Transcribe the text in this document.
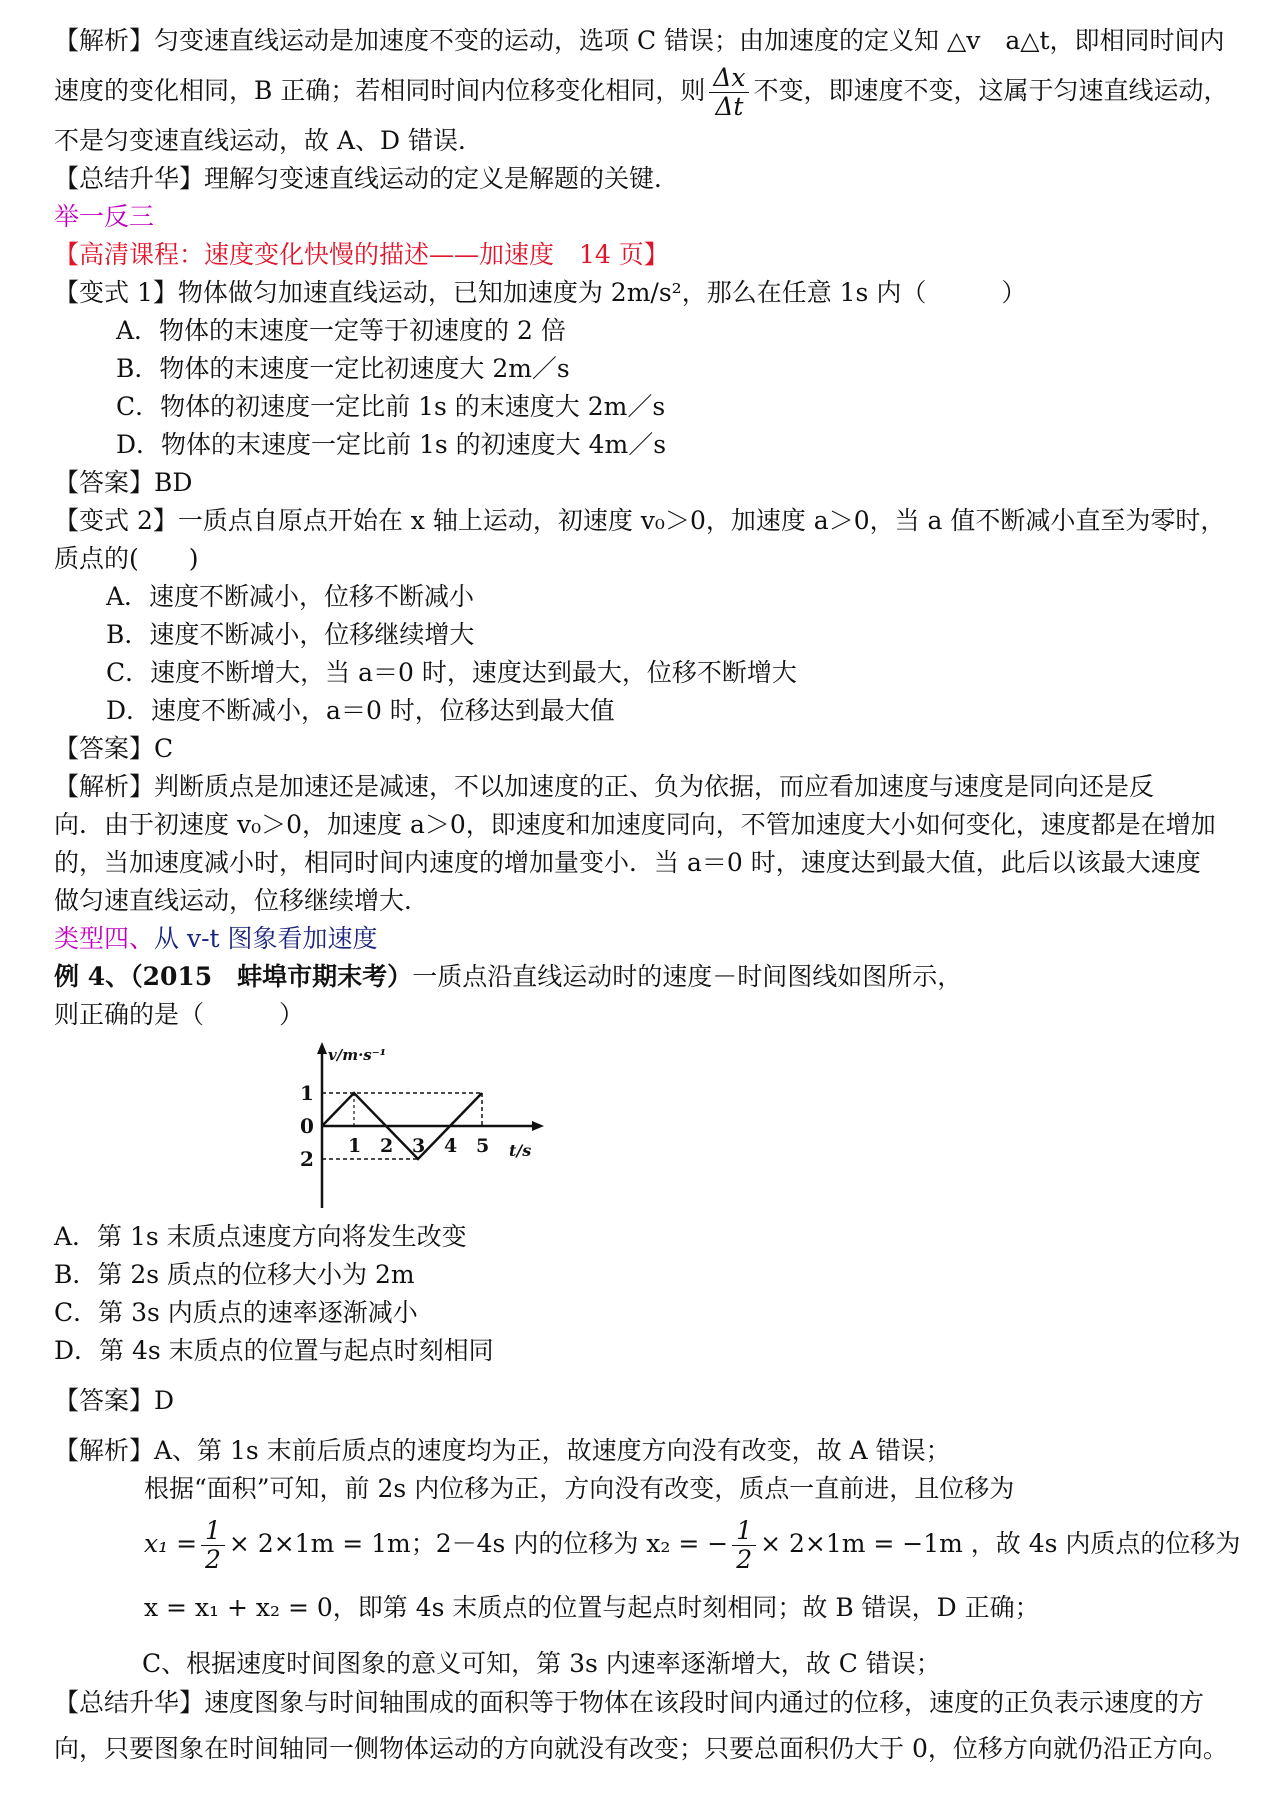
【解析】匀变速直线运动是加速度不变的运动，选项 C 错误；由加速度的定义知 △v　a△t，即相同时间内
速度的变化相同，B 正确；若相同时间内位移变化相同，则 $\frac{\Delta x}{\Delta t}$ 不变，即速度不变，这属于匀速直线运动，
不是匀变速直线运动，故 A、D 错误．
【总结升华】理解匀变速直线运动的定义是解题的关键．
举一反三
【高清课程：速度变化快慢的描述——加速度　14 页】
【变式 1】物体做匀加速直线运动，已知加速度为 2m/s²，那么在任意 1s 内（　　　）
A．物体的末速度一定等于初速度的 2 倍
B．物体的末速度一定比初速度大 2m／s
C．物体的初速度一定比前 1s 的末速度大 2m／s
D．物体的末速度一定比前 1s 的初速度大 4m／s
【答案】BD
【变式 2】一质点自原点开始在 x 轴上运动，初速度 v₀＞0，加速度 a＞0，当 a 值不断减小直至为零时，
质点的(　　)
A．速度不断减小，位移不断减小
B．速度不断减小，位移继续增大
C．速度不断增大，当 a＝0 时，速度达到最大，位移不断增大
D．速度不断减小，a＝0 时，位移达到最大值
【答案】C
【解析】判断质点是加速还是减速，不以加速度的正、负为依据，而应看加速度与速度是同向还是反
向．由于初速度 v₀＞0，加速度 a＞0，即速度和加速度同向，不管加速度大小如何变化，速度都是在增加
的，当加速度减小时，相同时间内速度的增加量变小．当 a＝0 时，速度达到最大值，此后以该最大速度
做匀速直线运动，位移继续增大．
类型四、从 v-t 图象看加速度
例 4、（2015　蚌埠市期末考）一质点沿直线运动时的速度－时间图线如图所示，
则正确的是（　　　）
1
0
2
1 2 3 4 5
v/m·s⁻¹
t/s
A．第 1s 末质点速度方向将发生改变
B．第 2s 质点的位移大小为 2m
C．第 3s 内质点的速率逐渐减小
D．第 4s 末质点的位置与起点时刻相同
【答案】D
【解析】A、第 1s 末前后质点的速度均为正，故速度方向没有改变，故 A 错误；
根据“面积”可知，前 2s 内位移为正，方向没有改变，质点一直前进，且位移为
$x_1 = \frac{1}{2} \times 2\times 1m = 1m$；2－4s 内的位移为 x₂ = − $\frac{1}{2} \times 2\times 1m = -1m$ ，故 4s 内质点的位移为
x = x₁ + x₂ = 0，即第 4s 末质点的位置与起点时刻相同；故 B 错误，D 正确；
C、根据速度时间图象的意义可知，第 3s 内速率逐渐增大，故 C 错误；
【总结升华】速度图象与时间轴围成的面积等于物体在该段时间内通过的位移，速度的正负表示速度的方
向，只要图象在时间轴同一侧物体运动的方向就没有改变；只要总面积仍大于 0，位移方向就仍沿正方向。
